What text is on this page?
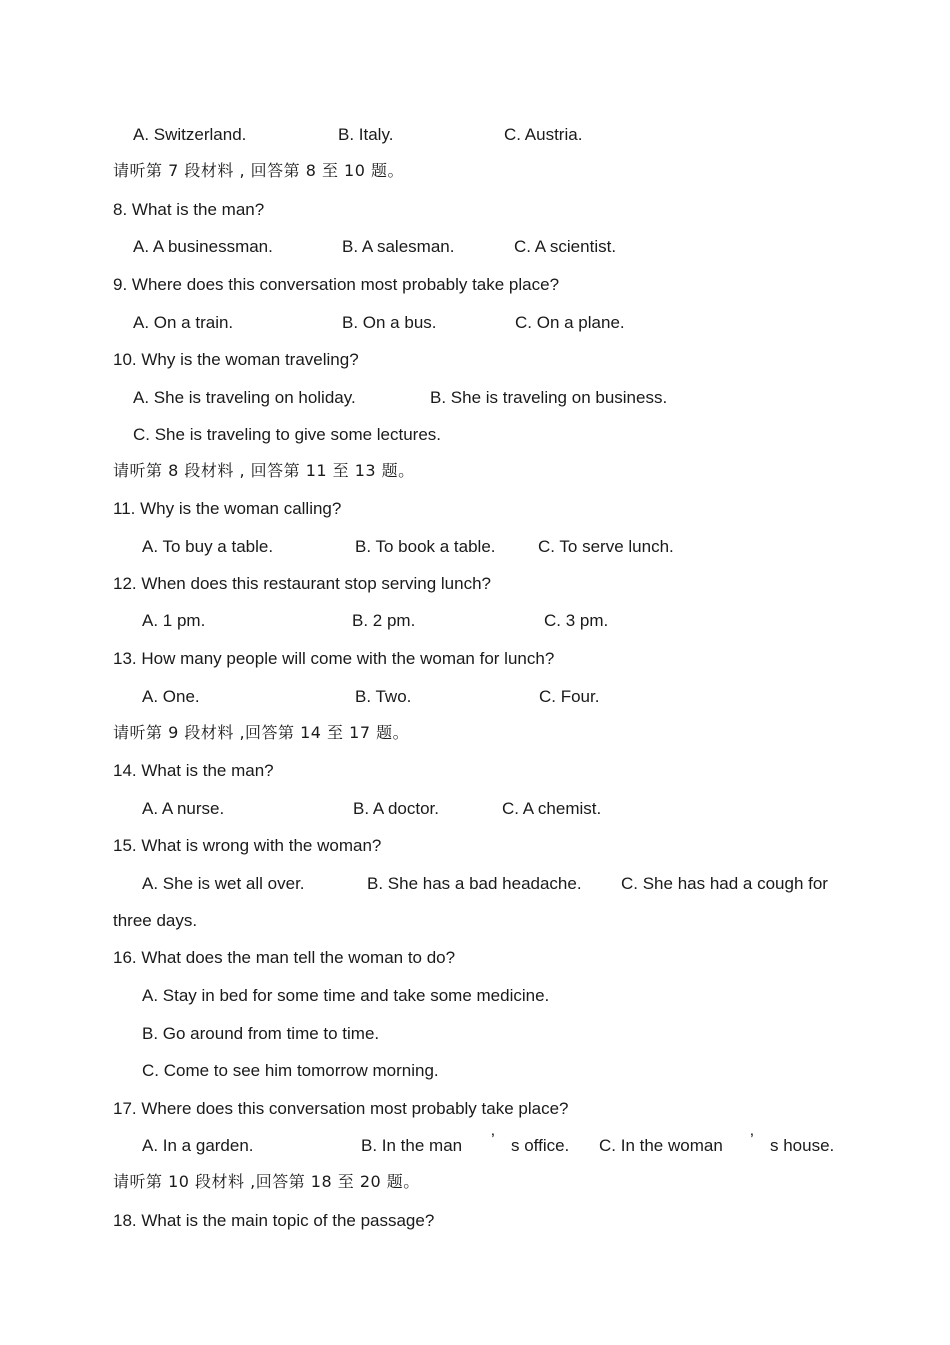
A. Switzerland.	B. Italy.	C. Austria.
请听第 7 段材料 , 回答第 8 至 10 题。
8. What is the man?
A. A businessman.	B. A salesman.	C. A scientist.
9. Where does this conversation most probably take place?
A. On a train.	B. On a bus.	C. On a plane.
10. Why is the woman traveling?
A. She is traveling on holiday.	B. She is traveling on business.
C. She is traveling to give some lectures.
请听第 8 段材料 , 回答第 11 至 13 题。
11. Why is the woman calling?
A. To buy a table.	B. To book a table. C. To serve lunch.
12. When does this restaurant stop serving lunch?
A. 1 pm.	B. 2 pm.	C. 3 pm.
13. How many people will come with the woman for lunch?
A. One.	B. Two.	C. Four.
请听第 9 段材料 ,回答第 14 至 17 题。
14. What is the man?
A. A nurse.	B. A doctor.	C. A chemist.
15. What is wrong with the woman?
A. She is wet all over.	B. She has a bad headache. C. She has had a cough for
three days.
16. What does the man tell the woman to do?
A. Stay in bed for some time and take some medicine.
B. Go around from time to time.
C. Come to see him tomorrow morning.
17. Where does this conversation most probably take place?
A. In a garden.	B. In the man ’ s office. C. In the woman ’ s house.
请听第 10 段材料 ,回答第 18 至 20 题。
18. What is the main topic of the passage?
